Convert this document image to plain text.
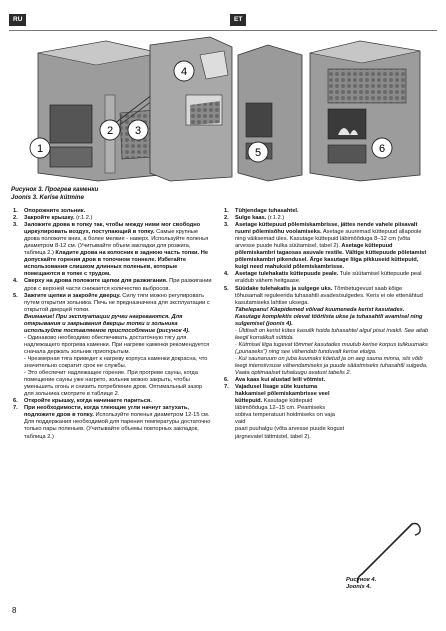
RU	ET
1
2 3
4
5	6
Рисунок 3. Прогрев каменки
Joonis 3. Kerise kütmine
1.	Опорожните зольник.
2.	Закройте крышку. (г.1.2.)
3.	Заложите дрова в топку так, чтобы между ними мог свободно циркулировать воздух, поступающий в топку. Самые крупные дрова положите вниз, а более мелкие - наверх. Используйте поленья диаметром 8-12 см. (Учитывайте объем закладки для розжига, таблица 2.) Кладите дрова на колосник в заднюю часть топки. Не допускайте горения дров в топочном тоннеле. Избегайте использования слишком длинных поленьев, которые помещаются в топке с трудом.
4.	Сверху на дрова положите щепки для разжигания. При разжигании дров с верхней части снижается количество выбросов.
5.	Зажгите щепки и закройте дверцу. Силу тяги можно регулировать путем открытия зольника. Печь не предназначена для эксплуатации с открытой дверцей топки.
Внимание! При эксплуатации ручки нагреваются. Для открывания и закрывания дверцы топки и зольника используйте поставляемое приспособление (рисунок 4).
- Одинаково необходимо обеспечивать достаточную тягу для надлежащего прогрева каменки. При нагреве каменки рекомендуется сначала держать зольник приоткрытым.
- Чрезмерная тяга приведет к нагреву корпуса каменки докрасна, что значительно сократит срок ее службы.
- Это обеспечит надлежащее горение. При прогреве сауны, когда помещение сауны уже нагрето, зольник можно закрыть, чтобы уменьшить огонь и снизить потребление дров. Оптимальный зазор для зольника смотрите в таблице 2.
6.	Откройте крышку, когда начинаете париться.
7.	При необходимости, когда тлеющие угли начнут затухать, подложите дров в топку. Используйте поленья диаметром 12-15 см.
Для поддержания необходимой для парения температуры достаточно только пары поленьев. (Учитывайте объемы повторных закладок, таблица 2.)
1.	Tühjendage tuhasahtel.
2.	Sulge kaas. (г.1.2.)
3.	Asetage küttepuud põlemiskambrisse, jättes nende vahele piisavalt ruumi põlemisõhu voolamiseks. Asetage suuremad küttepuud allapoole ning väiksemad üles. Kasutage küttepuid läbimõõduga 8–12 cm (võta arvesse puude hulka süütamisel, tabel 2). Asetage küttepuud põlemiskambri tagaosas asuvale restile. Vältige küttepuude põletamist põlemiskambri pikendusel. Ärge kasutage liiga pikkuseid küttepuid, kuigi need mahuksid põlemiskambrisse.
4.	Asetage tulehakatis küttepuude peale. Tule süütamisel küttepuude peal eraldub vähem heitgaase.
5.	Süüdake tulehakatis ja sulgege uks. Tõmbetugevust saab kõige tõhusamalt reguleerida tuhasahtli avades/sulgedes. Keris ei ole ettenähtud kasutamiseks lahtise uksega.
Tähelepanu! Käepidemed võivad kuumeneda kerist kasutades. Kasutage komplektis olevat tööriista ukse ja tuhasahtli avamisel ning sulgemisel (joonis 4).
· Üldiselt on kerist kütes kasulik hoida tuhasahtel algul pisut irvakil. See aitab leegil korralikult süttida.
· Kütmisel liiga tugevat tõmmet kasutades muutub kerise korpus tulikuumaks („punaseks") ning see vähendab tunduvalt kerise eluiga.
· Kui saunaruum on juba kuumaks köetud ja on aeg sauna minna, siis võib leegi intensiivsuse vähendamiseks ja puude säästmiseks tuhasahtli sulgeda. Vaata optimaalset tuhaluugu avatust tabelis 2.
6.	Ava kaas kui alustad leili võtmist.
7.	Vajadusel lisage süte kustuma hakkamisel põlemiskambrisse veel küttepuid. Kasutage küttepuid läbimõõduga 12–15 cm. Peamiseks sobiva temperatuuri hoidmiseks on vaja vaid
paari puuhalgu (võta arvesse puude kogust järgnevatel tättmistel, tabel 2).
Рисунок 4.
Joonis 4.
8
